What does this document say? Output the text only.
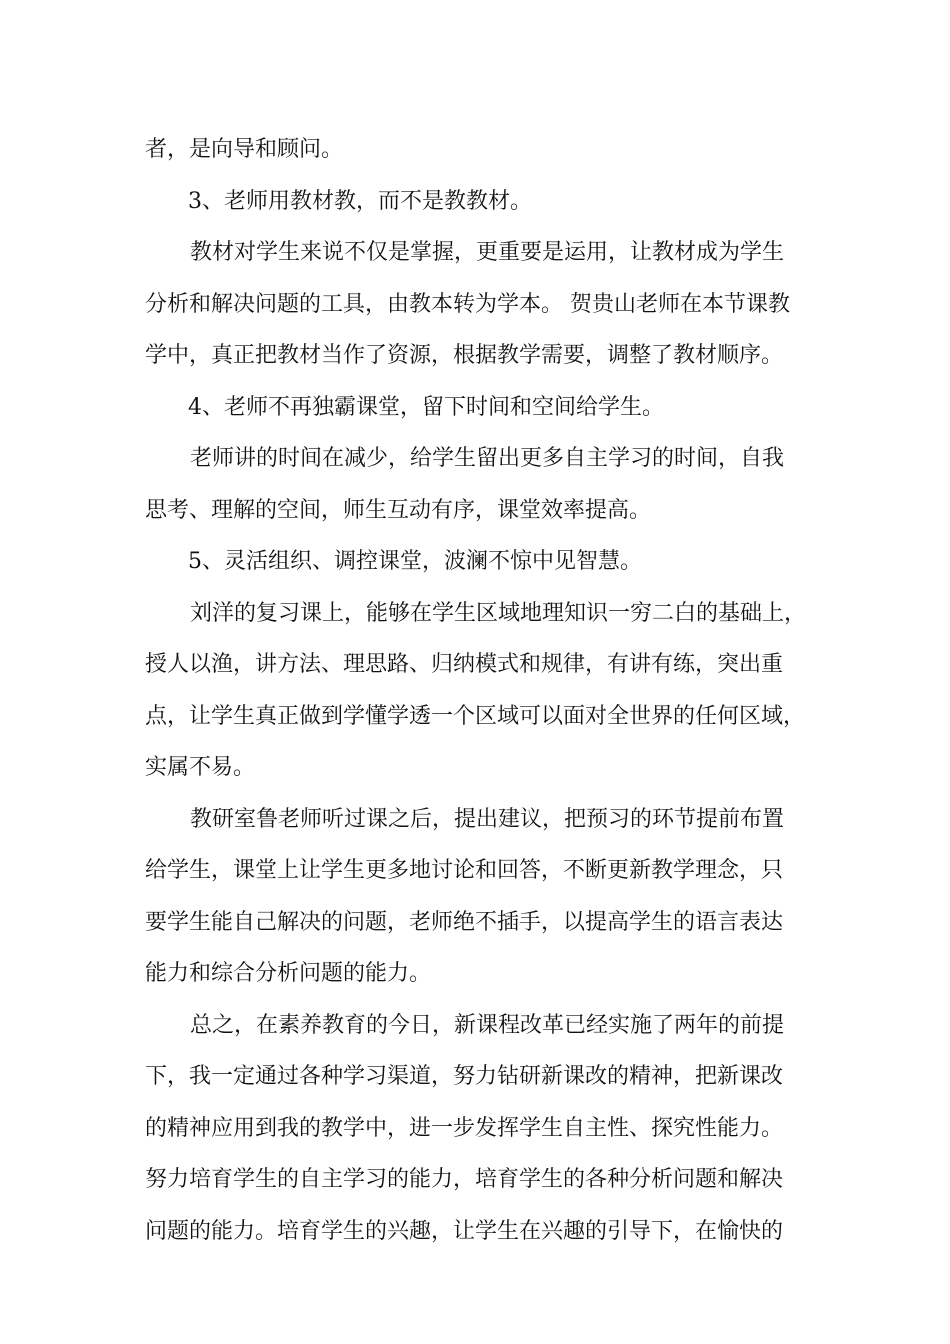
者，是向导和顾问。

3、老师用教材教，而不是教教材。

教材对学生来说不仅是掌握，更重要是运用，让教材成为学生

分析和解决问题的工具，由教本转为学本。 贺贵山老师在本节课教

学中，真正把教材当作了资源，根据教学需要，调整了教材顺序。

4、老师不再独霸课堂，留下时间和空间给学生。

老师讲的时间在减少，给学生留出更多自主学习的时间，自我

思考、理解的空间，师生互动有序，课堂效率提高。

5、灵活组织、调控课堂，波澜不惊中见智慧。

刘洋的复习课上，能够在学生区域地理知识一穷二白的基础上，

授人以渔，讲方法、理思路、归纳模式和规律，有讲有练，突出重

点，让学生真正做到学懂学透一个区域可以面对全世界的任何区域，

实属不易。

教研室鲁老师听过课之后，提出建议，把预习的环节提前布置

给学生，课堂上让学生更多地讨论和回答，不断更新教学理念，只

要学生能自己解决的问题，老师绝不插手，以提高学生的语言表达

能力和综合分析问题的能力。

总之，在素养教育的今日，新课程改革已经实施了两年的前提

下，我一定通过各种学习渠道，努力钻研新课改的精神，把新课改

的精神应用到我的教学中，进一步发挥学生自主性、探究性能力。

努力培育学生的自主学习的能力，培育学生的各种分析问题和解决

问题的能力。培育学生的兴趣，让学生在兴趣的引导下，在愉快的
